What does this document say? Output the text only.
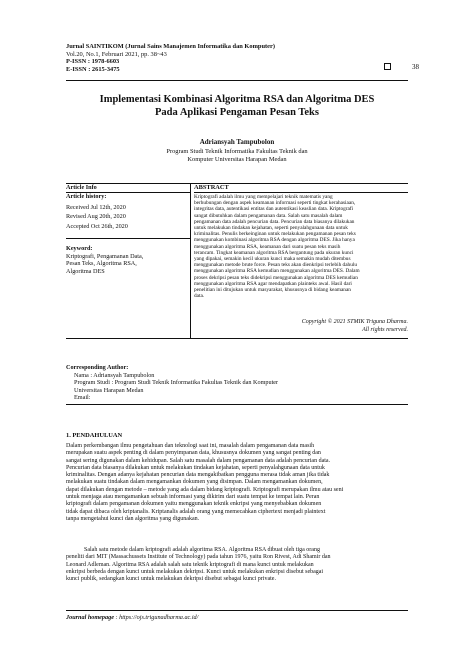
Jurnal SAINTIKOM (Jurnal Sains Manajemen Informatika dan Komputer)
Vol.20, No.1, Februari 2021, pp. 38~43
P-ISSN : 1978-6603
E-ISSN : 2615-3475	38
Implementasi Kombinasi Algoritma RSA dan Algoritma DES
Pada Aplikasi Pengaman Pesan Teks
Adriansyah Tampubolon
Program Studi Teknik Informatika Fakultas Teknik dan
Komputer Universitas Harapan Medan
Article Info
Article history:
Received Jul 12th, 2020
Revised Aug 20th, 2020
Accepted Oct 26th, 2020
Keyword:
Kriptografi, Pengamanan Data,
Pesan Teks, Algoritma RSA,
Algoritma DES
ABSTRACT
Kriptografi adalah ilmu yang mempelajari teknik matematis yang
berhubungan dengan aspek keamanan informasi seperti tingkat kerahasiaan,
integritas data, autentikasi entitas dan autentikasi keaslian data. Kriptografi
sangat dibutuhkan dalam pengamanan data. Salah satu masalah dalam
pengamanan data adalah pencurian data. Pencurian data biasanya dilakukan
untuk melakukan tindakan kejahatan, seperti penyalahgunaan data untuk
kriminalitas. Penulis berkeinginan untuk melakukan pengamanan pesan teks
menggunakan kombinasi algoritma RSA dengan algoritma DES. Jika hanya
menggunakan algoritma RSA, keamanan dari suatu pesan teks masih
terancam. Tingkat keamanan algoritma RSA bergantung pada ukuran kunci
yang dipakai, semakin kecil ukuran kunci maka semakin mudah ditembus
menggunakan metode brute force. Pesan teks akan dienkripsi terlebih dahulu
menggunakan algoritma RSA kemudian menggunakan algoritma DES. Dalam
proses dekripsi pesan teks didekripsi menggunakan algoritma DES kemudian
menggunakan algoritma RSA agar mendapatkan plainteks awal. Hasil dari
penelitian ini ditujukan untuk masyarakat, khususnya di bidang keamanan
data.
Copyright © 2021 STMIK Triguna Dharma.
All rights reserved.
Corresponding Author:
Nama : Adriansyah Tampubolon
Program Studi : Program Studi Teknik Informatika Fakultas Teknik dan Komputer
Universitas Harapan Medan
Email:
1. PENDAHULUAN
Dalam perkembangan ilmu pengetahuan dan teknologi saat ini, masalah dalam pengamanan data masih
merupakan suatu aspek penting di dalam penyimpanan data, khususnya dokumen yang sangat penting dan
sangat sering digunakan dalam kehidupan. Salah satu masalah dalam pengamanan data adalah pencurian data.
Pencurian data biasanya dilakukan untuk melakukan tindakan kejahatan, seperti penyalahgunaan data untuk
kriminalitas. Dengan adanya kejahatan pencurian data mengakibatkan pengguna merasa tidak aman jika tidak
melakukan suatu tindakan dalam mengamankan dokumen yang disimpan. Dalam mengamankan dokumen,
dapat dilakukan dengan metode – metode yang ada dalam bidang kriptografi. Kriptografi merupakan ilmu atau seni
untuk menjaga atau mengamankan sebuah informasi yang dikirim dari suatu tempat ke tempat lain. Peran
kriptografi dalam pengamanan dokumen yaitu menggunakan teknik enkripsi yang menyebabkan dokumen
tidak dapat dibaca oleh kriptanalis. Kriptanalis adalah orang yang memecahkan ciphertext menjadi plaintext
tanpa mengetahui kunci dan algoritma yang digunakan.
Salah satu metode dalam kriptografi adalah algoritma RSA. Algoritma RSA dibuat oleh tiga orang
peneliti dari MIT (Massachussets Institute of Technology) pada tahun 1976, yaitu Ron Rivest, Adi Shamir dan
Leonard Adleman. Algoritma RSA adalah salah satu teknik kriptografi di mana kunci untuk melakukan
enkripsi berbeda dengan kunci untuk melakukan dekripsi. Kunci untuk melakukan enkripsi disebut sebagai
kunci publik, sedangkan kunci untuk melakukan dekripsi disebut sebagai kunci private.
Journal homepage : https://ojs.trigunadharma.ac.id/
